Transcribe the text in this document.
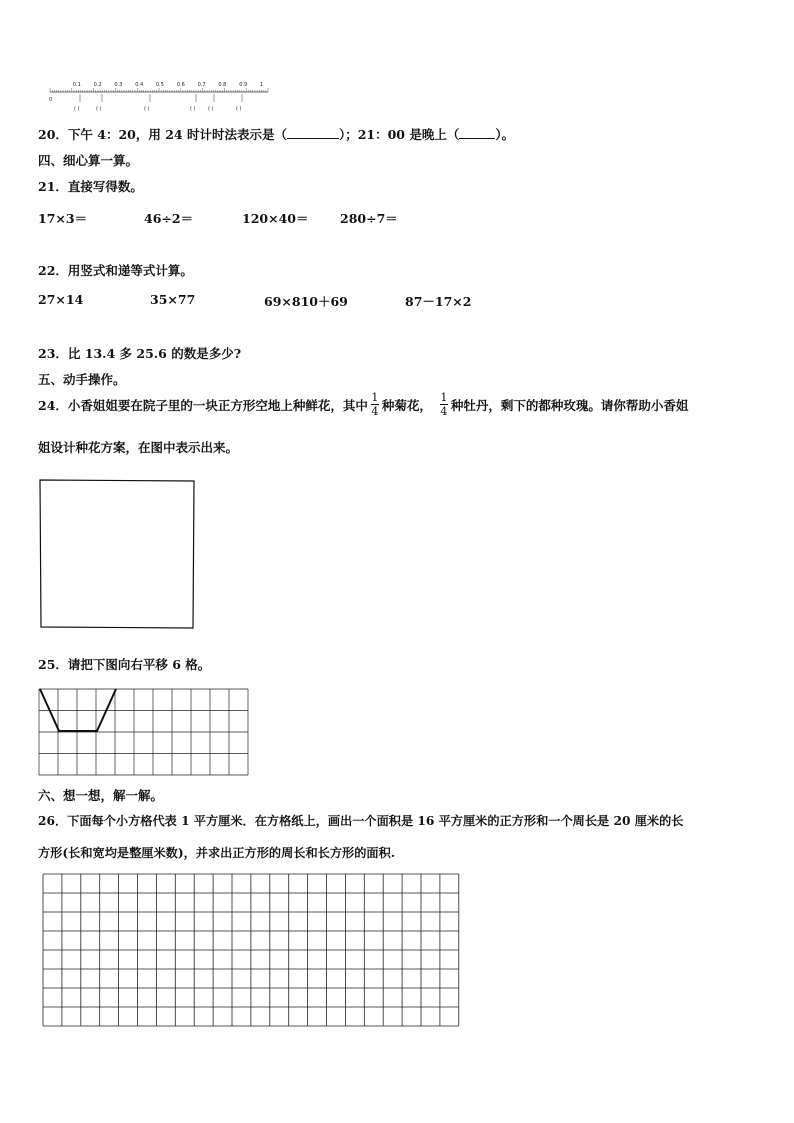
0
0.1	0.2	0.3	0.4	0.5	0.6	0.7	0.8	0.9	1
( )	( )	( )	( )	( )	( )
20．下午 4：20，用 24 时计时法表示是（	）；21：00 是晚上（	）。
四、细心算一算。
21．直接写得数。
17×3＝	46÷2＝	120×40＝	280÷7＝
22．用竖式和递等式计算。
27×14	35×77	69×810＋69	87－17×2
23．比 13.4 多 25.6 的数是多少?
五、动手操作。
24．小香姐姐要在院子里的一块正方形空地上种鲜花，其中 $\frac{1}{4}$ 种菊花， $\frac{1}{4}$ 种牡丹，剩下的都种玫瑰。请你帮助小香姐
姐设计种花方案，在图中表示出来。
25．请把下图向右平移 6 格。
六、想一想，解一解。
26．下面每个小方格代表 1 平方厘米．在方格纸上，画出一个面积是 16 平方厘米的正方形和一个周长是 20 厘米的长
方形(长和宽均是整厘米数)，并求出正方形的周长和长方形的面积.
